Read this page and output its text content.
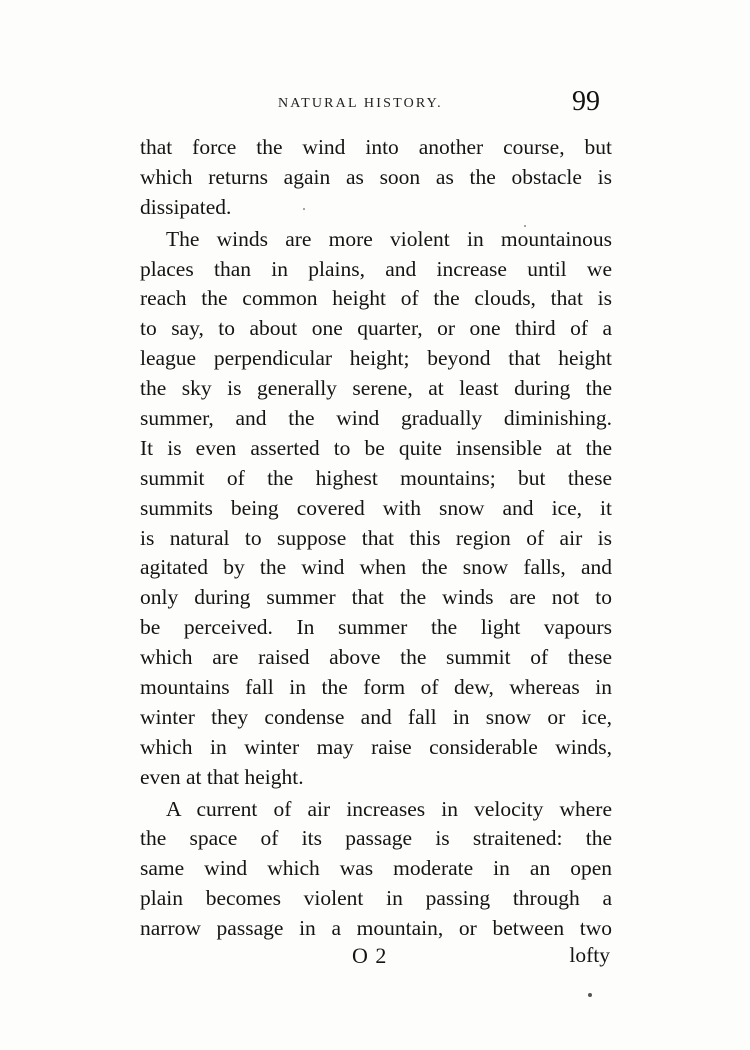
NATURAL HISTORY.	99
that force the wind into another course, but
which returns again as soon as the obstacle is
dissipated.
The winds are more violent in mountainous
places than in plains, and increase until we
reach the common height of the clouds, that is
to say, to about one quarter, or one third of a
league perpendicular height; beyond that height
the sky is generally serene, at least during the
summer, and the wind gradually diminishing.
It is even asserted to be quite insensible at the
summit of the highest mountains; but these
summits being covered with snow and ice, it
is natural to suppose that this region of air is
agitated by the wind when the snow falls, and
only during summer that the winds are not to
be perceived. In summer the light vapours
which are raised above the summit of these
mountains fall in the form of dew, whereas in
winter they condense and fall in snow or ice,
which in winter may raise considerable winds,
even at that height.
A current of air increases in velocity where
the space of its passage is straitened: the
same wind which was moderate in an open
plain becomes violent in passing through a
narrow passage in a mountain, or between two
O 2	lofty
